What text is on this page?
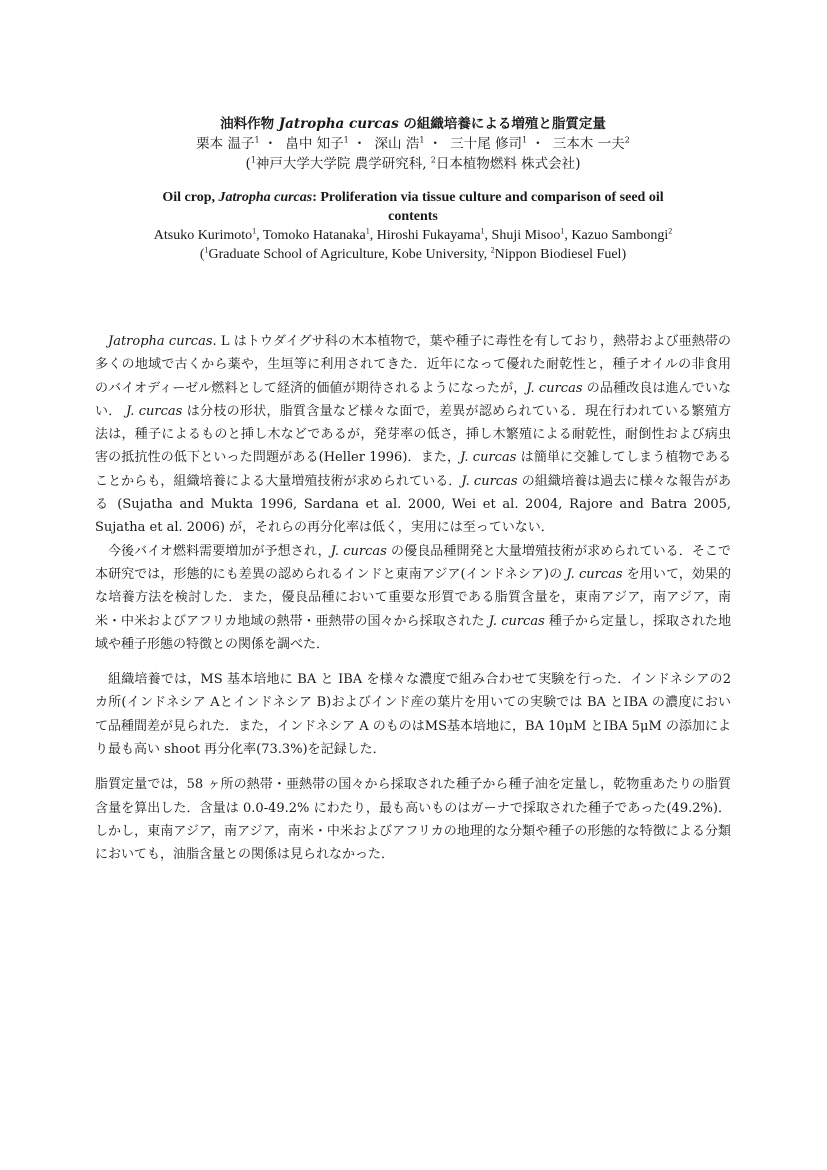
油料作物 Jatropha curcas の組織培養による増殖と脂質定量
栗本 温子$^1$ ・ 畠中 知子$^1$ ・ 深山 浩$^1$ ・ 三十尾 修司$^1$ ・ 三本木 一夫$^2$
($^1$神戸大学大学院 農学研究科, $^2$日本植物燃料 株式会社)
Oil crop, Jatropha curcas: Proliferation via tissue culture and comparison of seed oil
contents
Atsuko Kurimoto$^1$, Tomoko Hatanaka$^1$, Hiroshi Fukayama$^1$, Shuji Misoo$^1$, Kazuo Sambongi$^2$
($^1$Graduate School of Agriculture, Kobe University, $^2$Nippon Biodiesel Fuel)

Jatropha curcas. L はトウダイグサ科の木本植物で，葉や種子に毒性を有しており，熱帯および亜熱帯の多くの地域で古くから薬や，生垣等に利用されてきた．近年になって優れた耐乾性と，種子オイルの非食用のバイオディーゼル燃料として経済的価値が期待されるようになったが，J. curcas の品種改良は進んでいない． J. curcas は分枝の形状，脂質含量など様々な面で，差異が認められている．現在行われている繁殖方法は，種子によるものと挿し木などであるが，発芽率の低さ，挿し木繁殖による耐乾性，耐倒性および病虫害の抵抗性の低下といった問題がある(Heller 1996)．また，J. curcas は簡単に交雑してしまう植物であることからも，組織培養による大量増殖技術が求められている．J. curcas の組織培養は過去に様々な報告がある (Sujatha and Mukta 1996, Sardana et al. 2000, Wei et al. 2004, Rajore and Batra 2005, Sujatha et al. 2006) が，それらの再分化率は低く，実用には至っていない．

今後バイオ燃料需要増加が予想され，J. curcas の優良品種開発と大量増殖技術が求められている．そこで本研究では，形態的にも差異の認められるインドと東南アジア(インドネシア)の J. curcas を用いて，効果的な培養方法を検討した．また，優良品種において重要な形質である脂質含量を，東南アジア，南アジア，南米・中米およびアフリカ地域の熱帯・亜熱帯の国々から採取された J. curcas 種子から定量し，採取された地域や種子形態の特徴との関係を調べた．

組織培養では，MS 基本培地に BA と IBA を様々な濃度で組み合わせて実験を行った．インドネシアの2カ所(インドネシア Aとインドネシア B)およびインド産の葉片を用いての実験では BA とIBA の濃度において品種間差が見られた．また，インドネシア A のものはMS基本培地に，BA 10μM とIBA 5μM の添加により最も高い shoot 再分化率(73.3%)を記録した．

脂質定量では，58 ヶ所の熱帯・亜熱帯の国々から採取された種子から種子油を定量し，乾物重あたりの脂質含量を算出した．含量は 0.0-49.2% にわたり，最も高いものはガーナで採取された種子であった(49.2%)．しかし，東南アジア，南アジア，南米・中米およびアフリカの地理的な分類や種子の形態的な特徴による分類においても，油脂含量との関係は見られなかった．
